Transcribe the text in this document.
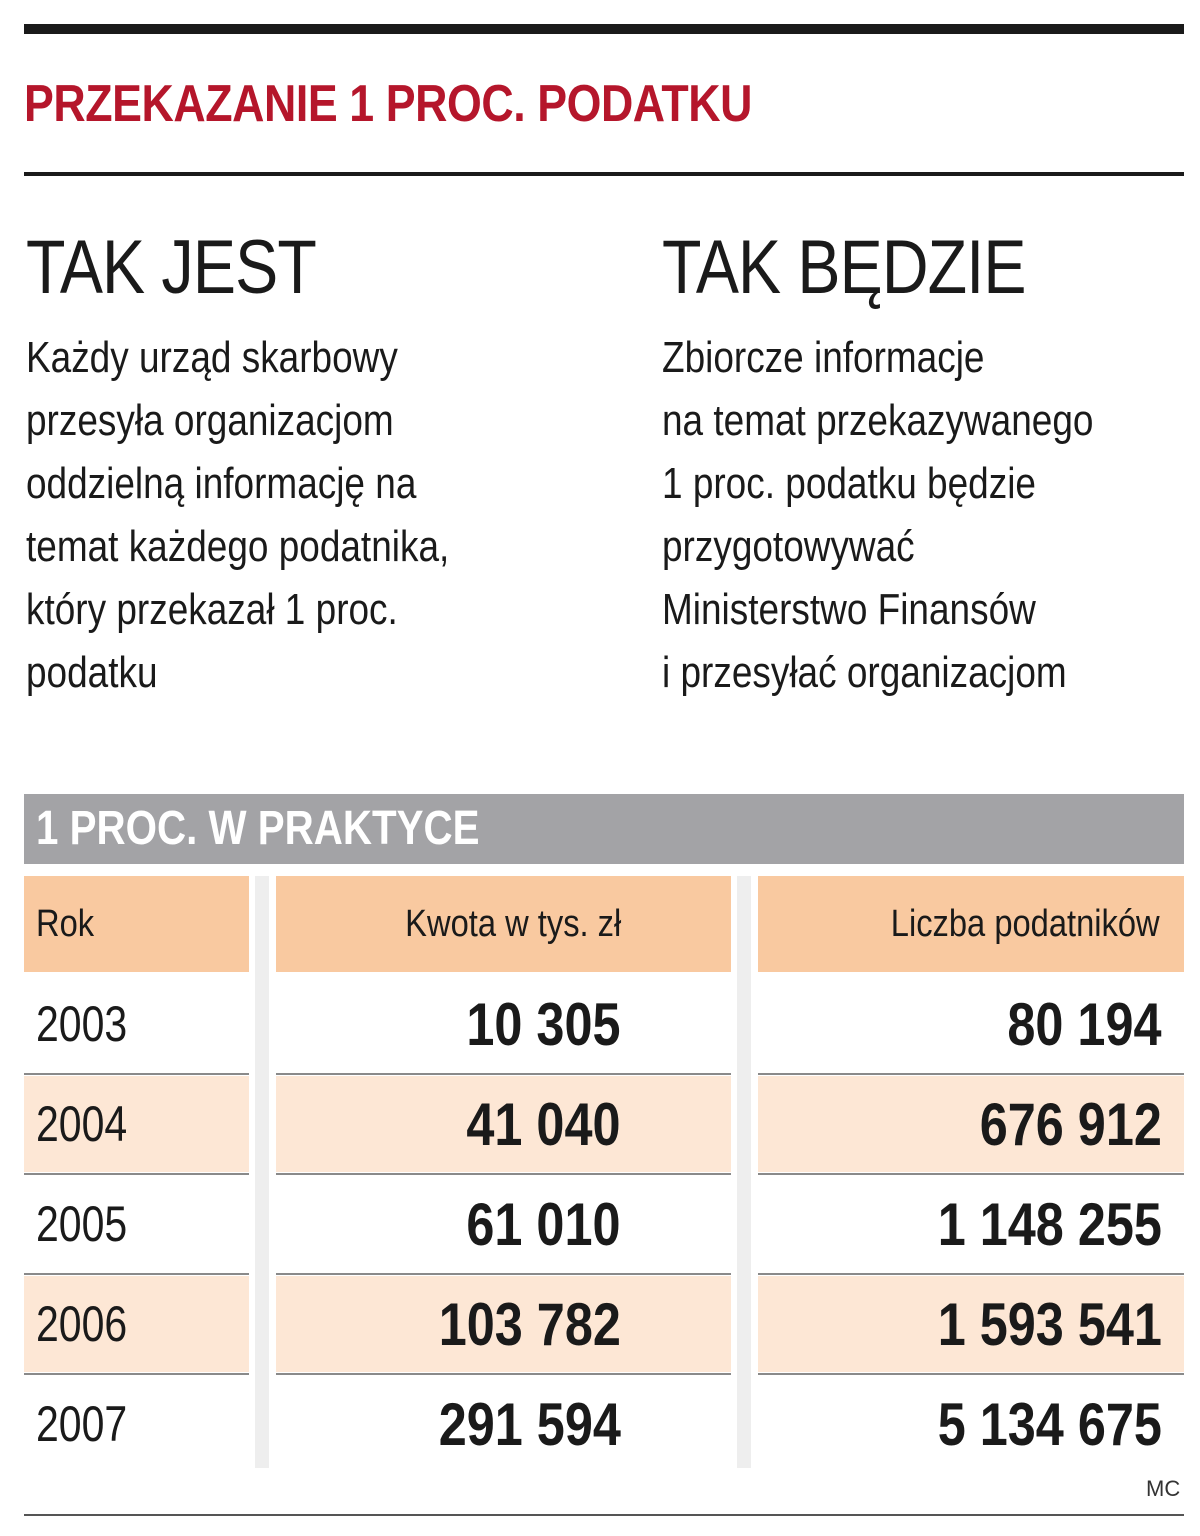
PRZEKAZANIE 1 PROC. PODATKU
TAK JEST
Każdy urząd skarbowy
przesyła organizacjom
oddzielną informację na
temat każdego podatnika,
który przekazał 1 proc.
podatku
TAK BĘDZIE
Zbiorcze informacje
na temat przekazywanego
1 proc. podatku będzie
przygotowywać
Ministerstwo Finansów
i przesyłać organizacjom
1 PROC. W PRAKTYCE
Rok	Kwota w tys. zł	Liczba podatników
2003	10 305	80 194
2004	41 040	676 912
2005	61 010	1 148 255
2006	103 782	1 593 541
2007	291 594	5 134 675
MC
